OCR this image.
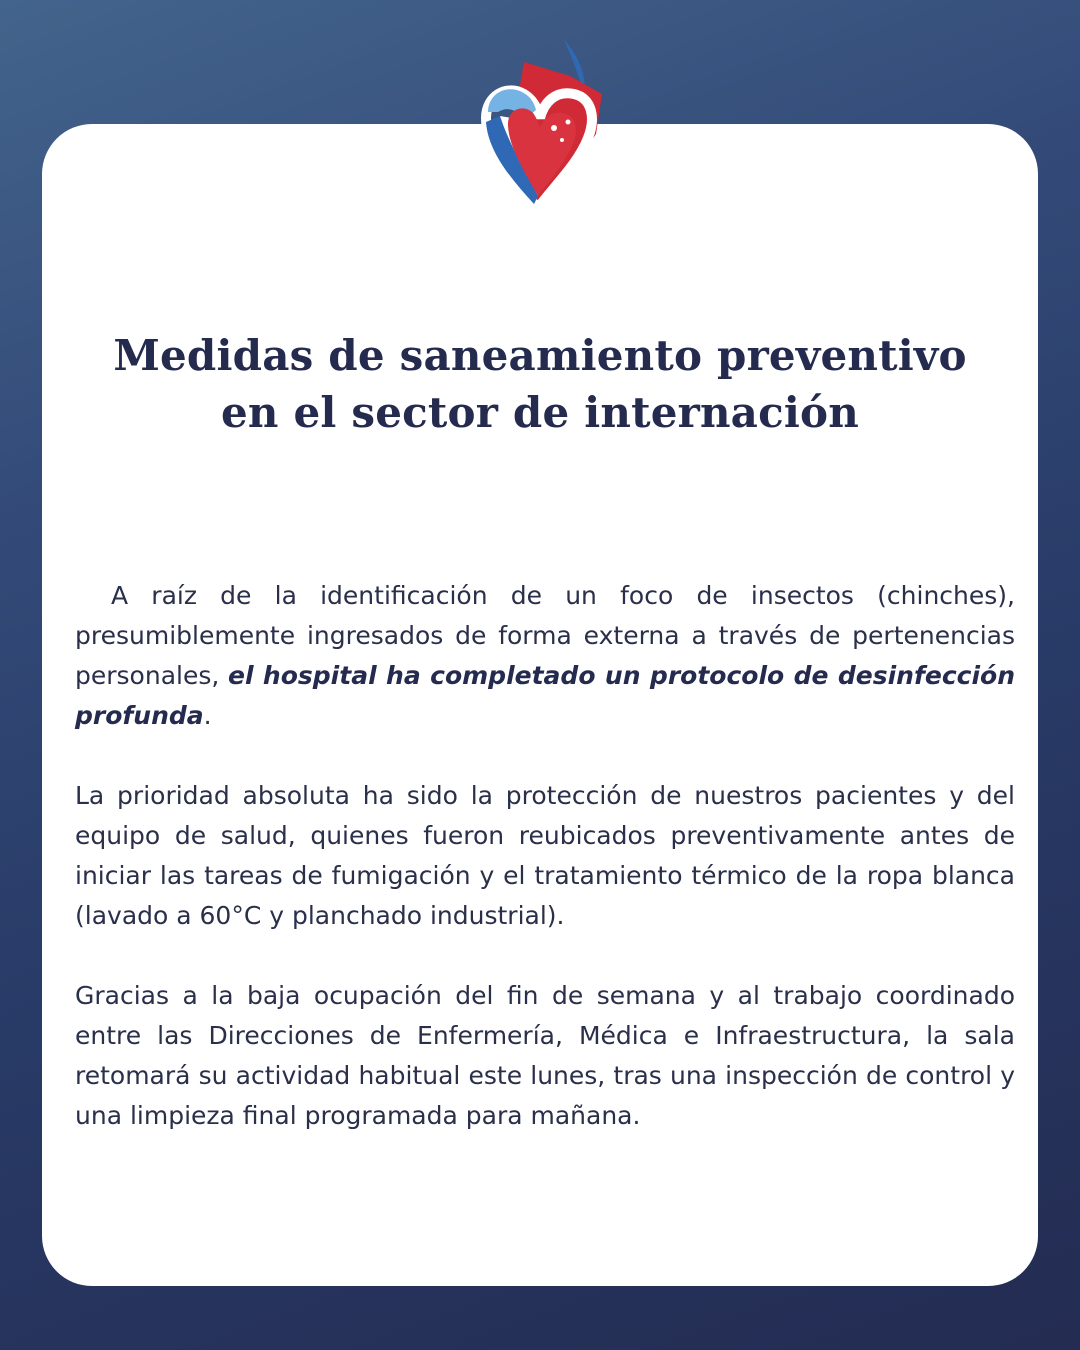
Medidas de saneamiento preventivo
en el sector de internación

A raíz de la identificación de un foco de insectos (chinches), presumiblemente ingresados de forma externa a través de pertenencias personales, el hospital ha completado un protocolo de desinfección profunda.

La prioridad absoluta ha sido la protección de nuestros pacientes y del equipo de salud, quienes fueron reubicados preventivamente antes de iniciar las tareas de fumigación y el tratamiento térmico de la ropa blanca (lavado a 60°C y planchado industrial).

Gracias a la baja ocupación del fin de semana y al trabajo coordinado entre las Direcciones de Enfermería, Médica e Infraestructura, la sala retomará su actividad habitual este lunes, tras una inspección de control y una limpieza final programada para mañana.
